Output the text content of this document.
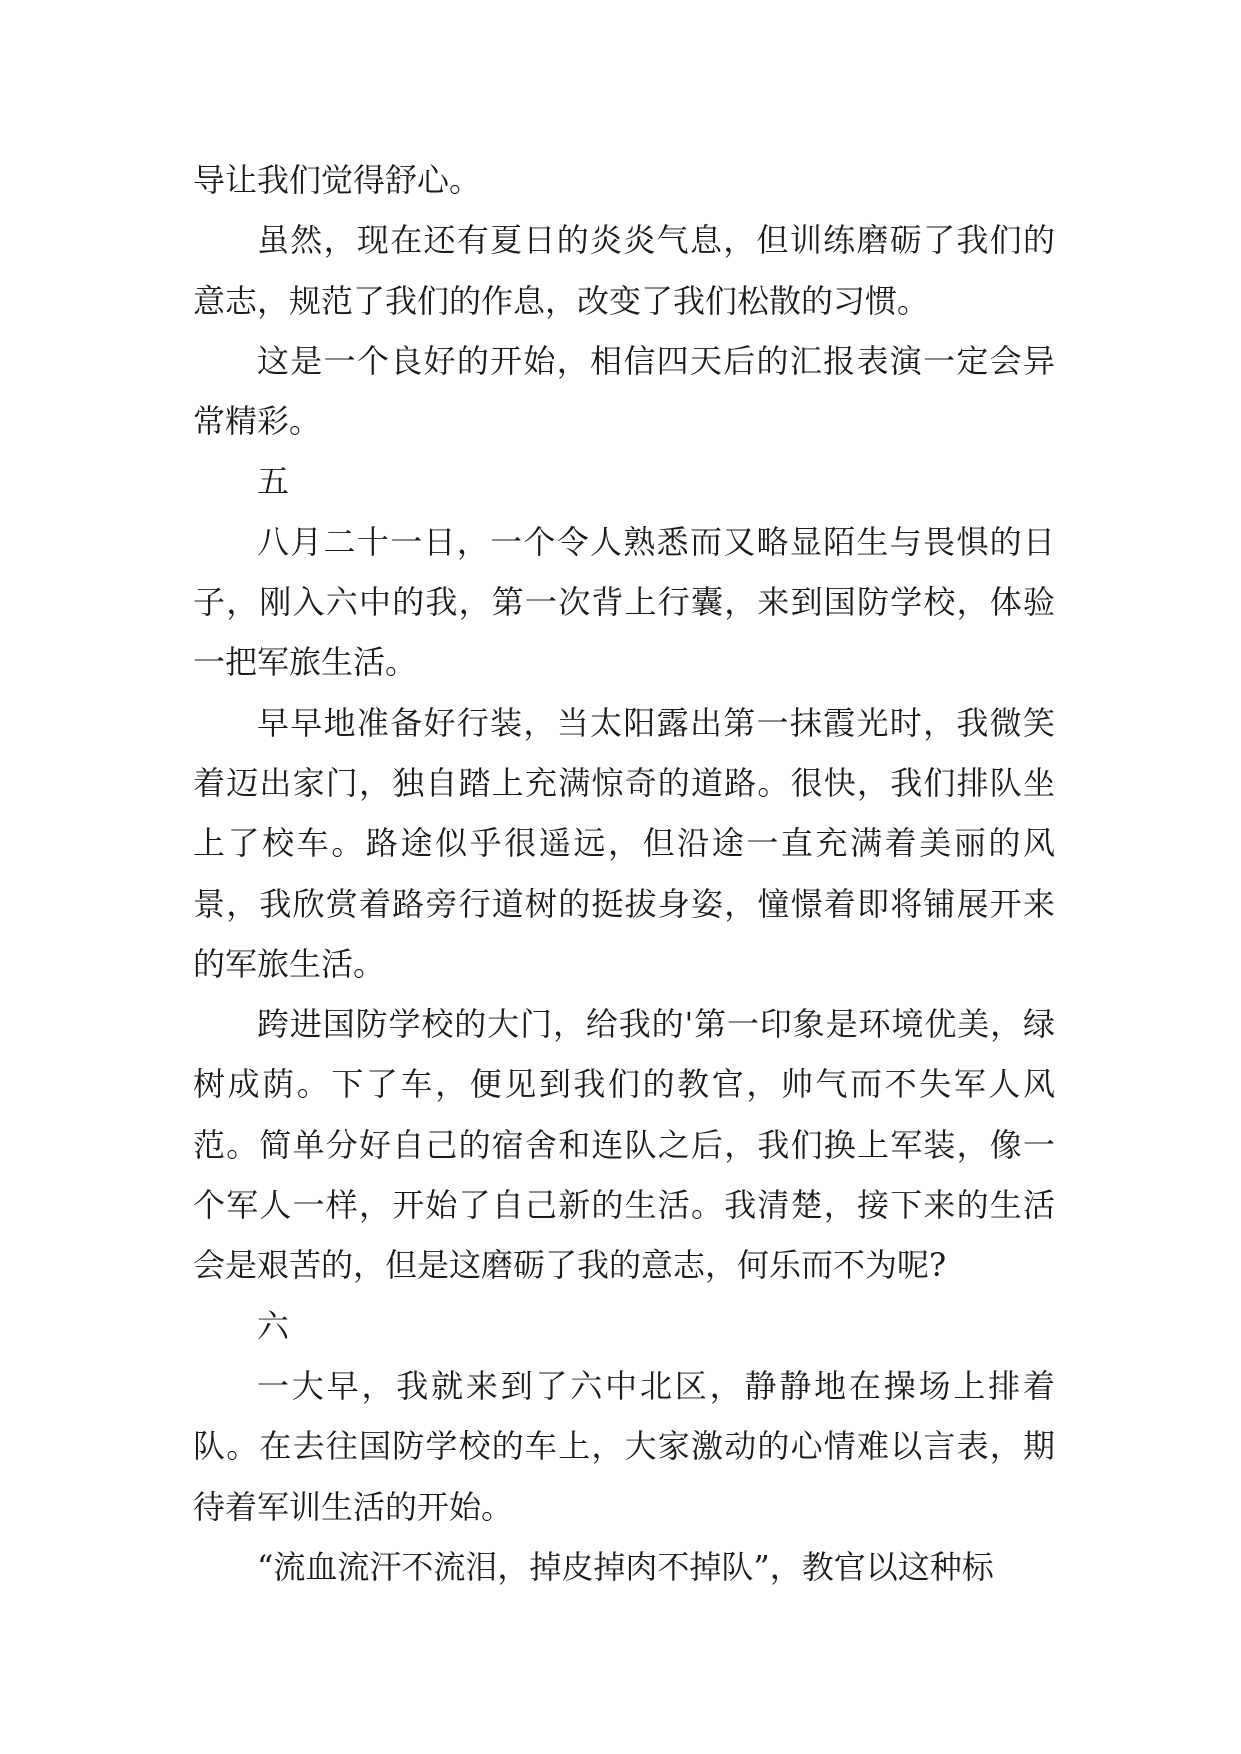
导让我们觉得舒心。

虽然，现在还有夏日的炎炎气息，但训练磨砺了我们的意志，规范了我们的作息，改变了我们松散的习惯。

这是一个良好的开始，相信四天后的汇报表演一定会异常精彩。

五

八月二十一日，一个令人熟悉而又略显陌生与畏惧的日子，刚入六中的我，第一次背上行囊，来到国防学校，体验一把军旅生活。

早早地准备好行装，当太阳露出第一抹霞光时，我微笑着迈出家门，独自踏上充满惊奇的道路。很快，我们排队坐上了校车。路途似乎很遥远，但沿途一直充满着美丽的风景，我欣赏着路旁行道树的挺拔身姿，憧憬着即将铺展开来的军旅生活。

跨进国防学校的大门，给我的'第一印象是环境优美，绿树成荫。下了车，便见到我们的教官，帅气而不失军人风范。简单分好自己的宿舍和连队之后，我们换上军装，像一个军人一样，开始了自己新的生活。我清楚，接下来的生活会是艰苦的，但是这磨砺了我的意志，何乐而不为呢?

六

一大早，我就来到了六中北区，静静地在操场上排着队。在去往国防学校的车上，大家激动的心情难以言表，期待着军训生活的开始。

“流血流汗不流泪，掉皮掉肉不掉队”，教官以这种标
